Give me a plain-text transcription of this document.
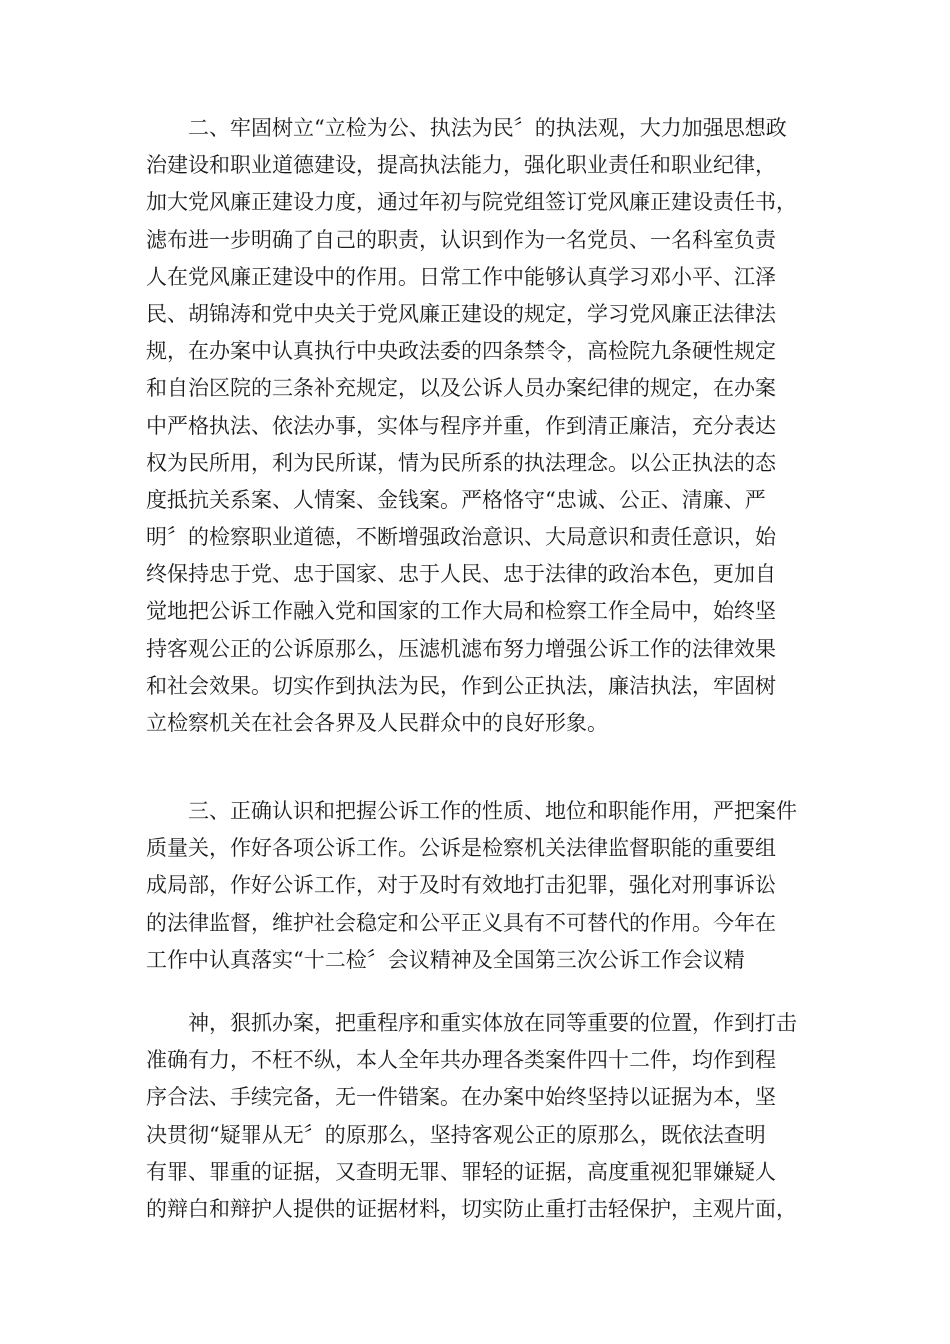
二、牢固树立“立检为公、执法为民〞的执法观，大力加强思想政
治建设和职业道德建设，提高执法能力，强化职业责任和职业纪律，
加大党风廉正建设力度，通过年初与院党组签订党风廉正建设责任书，
滤布进一步明确了自己的职责，认识到作为一名党员、一名科室负责
人在党风廉正建设中的作用。日常工作中能够认真学习邓小平、江泽
民、胡锦涛和党中央关于党风廉正建设的规定，学习党风廉正法律法
规，在办案中认真执行中央政法委的四条禁令，高检院九条硬性规定
和自治区院的三条补充规定，以及公诉人员办案纪律的规定，在办案
中严格执法、依法办事，实体与程序并重，作到清正廉洁，充分表达
权为民所用，利为民所谋，情为民所系的执法理念。以公正执法的态
度抵抗关系案、人情案、金钱案。严格恪守“忠诚、公正、清廉、严
明〞的检察职业道德，不断增强政治意识、大局意识和责任意识，始
终保持忠于党、忠于国家、忠于人民、忠于法律的政治本色，更加自
觉地把公诉工作融入党和国家的工作大局和检察工作全局中，始终坚
持客观公正的公诉原那么，压滤机滤布努力增强公诉工作的法律效果
和社会效果。切实作到执法为民，作到公正执法，廉洁执法，牢固树
立检察机关在社会各界及人民群众中的良好形象。
三、正确认识和把握公诉工作的性质、地位和职能作用，严把案件
质量关，作好各项公诉工作。公诉是检察机关法律监督职能的重要组
成局部，作好公诉工作，对于及时有效地打击犯罪，强化对刑事诉讼
的法律监督，维护社会稳定和公平正义具有不可替代的作用。今年在
工作中认真落实“十二检〞会议精神及全国第三次公诉工作会议精
神，狠抓办案，把重程序和重实体放在同等重要的位置，作到打击
准确有力，不枉不纵，本人全年共办理各类案件四十二件，均作到程
序合法、手续完备，无一件错案。在办案中始终坚持以证据为本，坚
决贯彻“疑罪从无〞的原那么，坚持客观公正的原那么，既依法查明
有罪、罪重的证据，又查明无罪、罪轻的证据，高度重视犯罪嫌疑人
的辩白和辩护人提供的证据材料，切实防止重打击轻保护，主观片面，
